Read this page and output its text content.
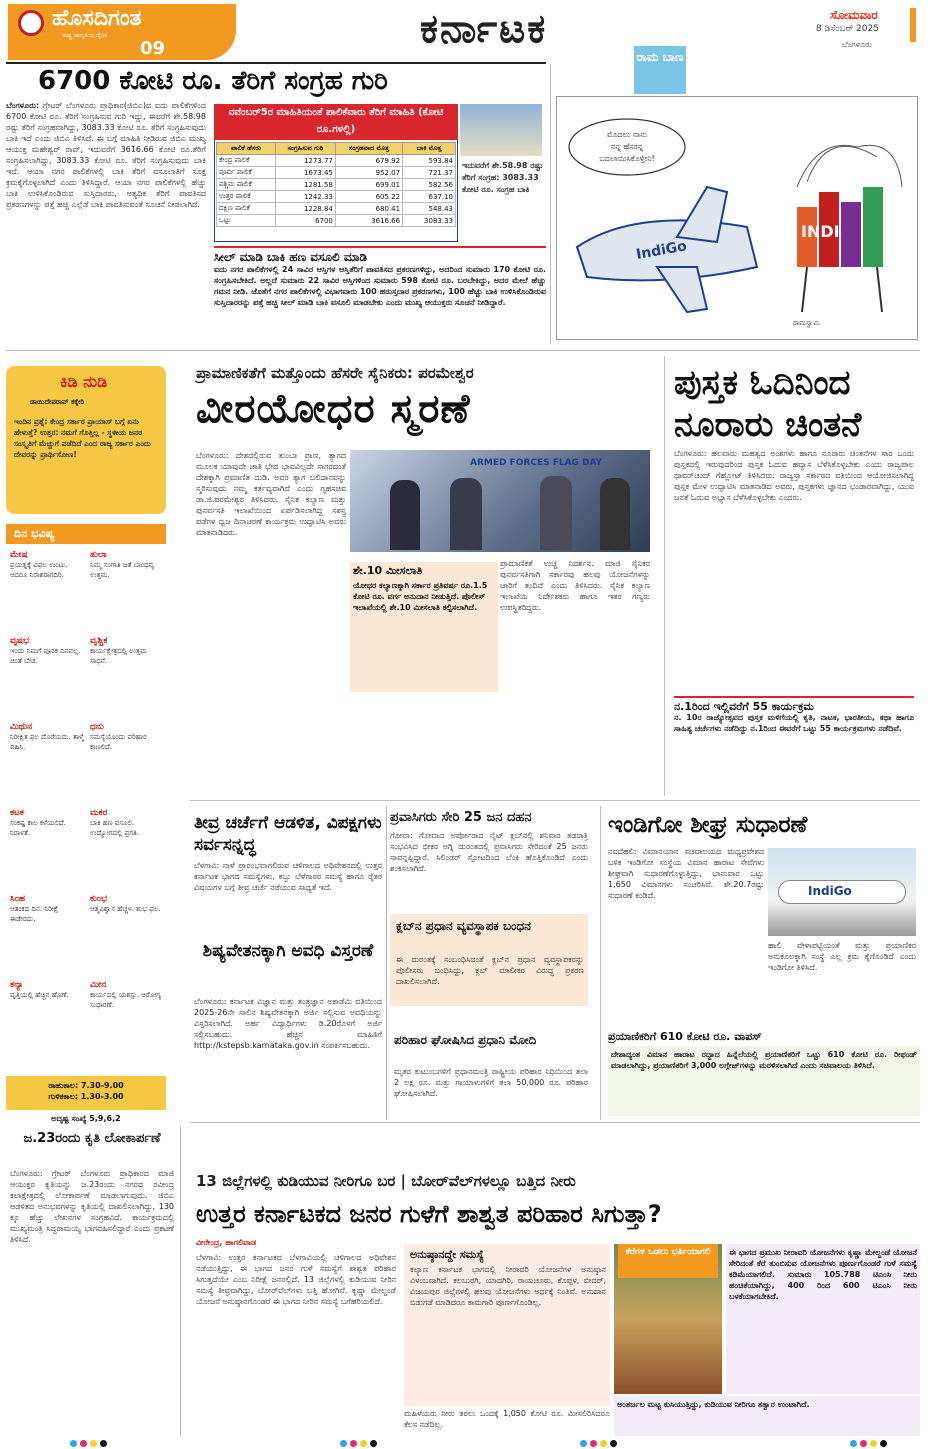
ಹೊಸದಿಗಂತ
ರಾಷ್ಟ್ರ ಜಾಗೃತಿಯ ದೈನಿಕ
09	ಕರ್ನಾಟಕ	ಸೋಮವಾರ
8 ಡಿಸೆಂಬರ್ 2025
ಬೆಂಗಳೂರು
6700 ಕೋಟಿ ರೂ. ತೆರಿಗೆ ಸಂಗ್ರಹ ಗುರಿ
ಬೆಂಗಳೂರು: ಗ್ರೇಟರ್ ಬೆಂಗಳೂರು ಪ್ರಾಧಿಕಾರ(ಜಿಬಿಎ)ದ ಐದು ಪಾಲಿಕೆಗಳಿಂದ 6700 ಕೋಟಿ ರೂ. ತೆರಿಗೆ ಸಂಗ್ರಹಿಸುವ ಗುರಿ ಇದ್ದು, ಈವರೆಗೆ ಶೇ.58.98 ರಷ್ಟು ತೆರಿಗೆ ಸಂಗ್ರಹವಾಗಿದ್ದು, 3083.33 ಕೋಟಿ ರೂ. ತೆರಿಗೆ ಸಂಗ್ರಹಿಸುವುದು ಬಾಕಿ ಇದೆ ಎಂದು ಜಿಬಿಎ ತಿಳಿಸಿದೆ. ಈ ಬಗ್ಗೆ ಮಾಹಿತಿ ನೀಡಿರುವ ಜಿಬಿಎ ಮುಖ್ಯ ಆಯುಕ್ತ ಮಹೇಶ್ವರ್ ರಾವ್, ಇದುವರೆಗೆ 3616.66 ಕೋಟಿ ರೂ.ತೆರಿಗೆ ಸಂಗ್ರಹಿಸಲಾಗಿದ್ದು, 3083.33 ಕೋಟಿ ರೂ. ತೆರಿಗೆ ಸಂಗ್ರಹಿಸುವುದು ಬಾಕಿ ಇದೆ. ಆಯಾ ನಗರ ಪಾಲಿಕೆಗಳಲ್ಲಿ ಬಾಕಿ ತೆರಿಗೆ ವಸೂಲಾತಿಗೆ ಸೂಕ್ತ ಕ್ರಮಕೈಗೊಳ್ಳಲಾಗಿದೆ ಎಂದು ತಿಳಿಸಿದ್ದಾರೆ. ಆಯಾ ನಗರ ಪಾಲಿಕೆಗಳಲ್ಲಿ ಹೆಚ್ಚು ಬಾಕಿ ಉಳಿಸಿಕೊಂಡಿರುವ ಸುಸ್ತಿದಾರರು, ಅತ್ಯಧಿಕ ತೆರಿಗೆ ಪಾವತಿಸದ ಪ್ರಕರಣಗಳನ್ನು ಪತ್ತೆ ಹಚ್ಚಿ ಎಲ್ಲೆಡೆ ಬಾಕಿ ಪಾವತಿಸುವಂತೆ ಸೂಚನೆ ನೀಡಲಾಗಿದೆ.
ನವೆಂಬರ್5ರ ಮಾಹಿತಿಯಂತೆ ಪಾಲಿಕೆವಾರು ತೆರಿಗೆ ಮಾಹಿತಿ (ಕೋಟಿ ರೂ.ಗಳಲ್ಲಿ)
ಪಾಲಿಕೆ ಹೆಸರು	ಸಂಗ್ರಹಿಸುವ ಗುರಿ	ಸಂಗ್ರಹವಾದ ಮೊತ್ತ	ಬಾಕಿ ಮೊತ್ತ
ಕೇಂದ್ರ ಪಾಲಿಕೆ	1273.77	679.92	593.84
ಪೂರ್ವ ಪಾಲಿಕೆ	1673.45	952.07	721.37
ಪಶ್ಚಿಮ ಪಾಲಿಕೆ	1281.58	699.01	582.56
ಉತ್ತರ ಪಾಲಿಕೆ	1242.33	605.22	637.10
ದಕ್ಷಿಣ ಪಾಲಿಕೆ	1228.84	680.41	548.43
ಒಟ್ಟು	6700	3616.66	3083.33
ಇದುವರೆಗೆ ಶೇ.58.98 ರಷ್ಟು ತೆರಿಗೆ ಸಂಗ್ರಹ: 3083.33 ಕೋಟಿ ರೂ. ಸಂಗ್ರಹ ಬಾಕಿ
ಸೀಲ್ ಮಾಡಿ ಬಾಕಿ ಹಣ ವಸೂಲಿ ಮಾಡಿ
ಐದು ನಗರ ಪಾಲಿಕೆಗಳಲ್ಲಿ 24 ಸಾವಿರ ಆಸ್ತಿಗಳ ಆಸ್ತಿತೆರಿಗೆ ಪಾವತಿಸದ ಪ್ರಕರಣಗಳಿದ್ದು, ಅದರಿಂದ ಸುಮಾರು 170 ಕೋಟಿ ರೂ. ಸಂಗ್ರಹಿಸಬೇಕಿದೆ. ಅಲ್ಲದೆ ಸುಮಾರು 22 ಸಾವಿರ ಆಸ್ತಿಗಳಿಂದ ಸುಮಾರು 598 ಕೋಟಿ ರೂ. ಬರಬೇಕಿದ್ದು, ಅದರ ಮೇಲೆ ಹೆಚ್ಚು ಗಮನ ನೀಡಿ. ಜೊತೆಗೆ ನಗರ ಪಾಲಿಕೆಗಳಲ್ಲಿ ವಿಭಾಗವಾರು 100 ಹರುಸ್ತದಾರ ಪ್ರಕರಣಗಳು, 100 ಹೆಚ್ಚು ಬಾಕಿ ಉಳಿಸಿಕೊಂಡಿರುವ ಸುಸ್ತಿದಾರರನ್ನು ಪತ್ತೆ ಹಚ್ಚಿ ಸೀಲ್ ಮಾಡಿ ಬಾಕಿ ವಸೂಲಿ ಮಾಡಬೇಕು ಎಂದು ಮುಖ್ಯ ಆಯುಕ್ತರು ಸೂಚನೆ ನೀಡಿದ್ದಾರೆ.
ರಾಮ ಬಾಣ
ಮೊದಲು ನಾನು
ನನ್ನ ಹೆಸರನ್ನ
ಬದಲಾಯಿಸಿಕೊಳ್ತೀನಿ!
IndiGo
INDI
ರಾಮಸ್ವಾಮಿ
ಕಿಡಿ ನುಡಿ
ಡಾಯಿದೇವರಾವ್ ಕಕ್ಕೇರಿ
ಇಂದಿನ ಪ್ರಶ್ನೆ: ಕೇಂದ್ರ ಸರ್ಕಾರ ಪ್ರಾಯಾಸ್ ಬಗ್ಗೆ ಏನು ಹೇಳುತ್ತೆ? ಉತ್ತರ: ನಮಗೆ ಗೊತ್ತಿಲ್ಲ - ಸ್ಥಳೀಯ ಜನರ ಸಂಸ್ಕೃತಿಗೆ ಮೆಚ್ಚುಗೆ ಪಡೆದಿದೆ ಎಂದ ರಾಜ್ಯ ಸರ್ಕಾರ ಎಂದು ದೇವರನ್ನು ಪ್ರಾರ್ಥಿಸೋಣ!
ದಿನ ಭವಿಷ್ಯ
ಮೇಷ
ಪ್ರಯತ್ನಕ್ಕೆ ವಿಫಲ ಉಂಟು. ಆದರೂ ನಿರಾಶರಾಗದಿರಿ.
ತುಲಾ
ನಿಮ್ಮ ಸಂಗಾತಿ ಜತೆ ಬಾಂಧವ್ಯ ಉತ್ತಮ.
ವೃಷಭ
ಇಂದು ನಿಮಗೆ ಪೂರಕ ದಿನವಲ್ಲ. ಚಿಂತೆ ಬೇಡ.
ವೃಶ್ಚಿಕ
ಕಾರ್ಯಕ್ಷೇತ್ರದಲ್ಲಿ ಉತ್ತಮ ಸಾಧನೆ.
ಮಿಥುನ
ನಿರೀಕ್ಷಿತ ಫಲ ದೊರೆಯದು. ತಾಳ್ಮೆ ವಹಿಸಿ.
ಧನು
ಸಮಸ್ಯೆಯೊಂದು ಪರಿಹಾರ ಕಾಣಲಿದೆ.
ಕಟಕ
ಸಂಕಷ್ಟ ಕಾಲ ಕಳೆಯಲಿದೆ. ನಿರಾಳತೆ.
ಮಕರ
ಬಾಕಿ ಹಣ ವಸೂಲಿ. ಉದ್ಯೋಗದಲ್ಲಿ ಪ್ರಗತಿ.
ಸಿಂಹ
ಆತಂಕದ ದಿನ. ನಿರೀಕ್ಷೆ ಈಡೇರದು.
ಕುಂಭ
ಆತ್ಮವಿಶ್ವಾಸ ಹೆಚ್ಚಳ. ಶುಭ ಫಲ.
ಕನ್ಯಾ
ವೃತ್ತಿಯಲ್ಲಿ ಹೆಚ್ಚಿನ ಹೊಣೆ.
ಮೀನ
ಕಾರ್ಯದಲ್ಲಿ ಯಶಸ್ಸು. ಆರೋಗ್ಯ ಸುಧಾರಣೆ.
ರಾಹುಕಾಲ: 7.30-9.00
ಗುಳಿಕಕಾಲ: 1.30-3.00
ಅದೃಷ್ಟ ಸಂಖ್ಯೆ 5,9,6,2
ಪ್ರಾಮಾಣಿಕತೆಗೆ ಮತ್ತೊಂದು ಹೆಸರೇ ಸೈನಿಕರು: ಪರಮೇಶ್ವರ
ವೀರಯೋಧರ ಸ್ಮರಣೆ
ಬೆಂಗಳೂರು: ದೇಶದಲ್ಲಿರುವ ತುಂಬಾ ಪ್ರಾಣ, ತ್ಯಾಗದ ಮೂಲಕ ಯಾವುದೇ ಜಾತಿ ಭೇದ ಭಾವವಿಲ್ಲದೇ ಸಾಗರದಂತೆ ದೇಶಕ್ಕಾಗಿ ಪ್ರಮಾಣಿತ ದುಡಿ. ಅವರ ತ್ಯಾಗ ಬಲಿದಾನವನ್ನು ಸ್ಮರಿಸುವುದು ನಮ್ಮ ಕರ್ತವ್ಯವಾಗಿದೆ ಎಂದು ಗೃಹಸಚಿವ ಡಾ.ಜಿ.ಪರಮೇಶ್ವರ ತಿಳಿಸಿದರು. ಸೈನಿಕ ಕಲ್ಯಾಣ ಮತ್ತು ಪುನರ್ವಸತಿ ಇಲಾಖೆಯಿಂದ ಏರ್ಪಡಿಸಲಾಗಿದ್ದ ಸಶಸ್ತ್ರ ಪಡೆಗಳ ಧ್ವಜ ದಿನಾಚರಣೆ ಕಾರ್ಯಕ್ರಮ ಉದ್ಘಾಟಿಸಿ ಅವರು ಮಾತನಾಡಿದರು.
ARMED FORCES FLAG DAY
ಶೇ.10 ಮೀಸಲಾತಿ
ಯೋಧರ ಕಲ್ಯಾಣಕ್ಕಾಗಿ ಸರ್ಕಾರ ಪ್ರತಿವರ್ಷ ರೂ.1.5 ಕೋಟಿ ರೂ. ವರ್ಗ ಅನುದಾನ ನೀಡುತ್ತಿದೆ. ಪೊಲೀಸ್ ಇಲಾಖೆಯಲ್ಲಿ ಶೇ.10 ಮೀಸಲಾತಿ ಕಲ್ಪಿಸಲಾಗಿದೆ.
ಪ್ರಾಮಾಣಿಕತೆ ಉಚ್ಚ ನಿದರ್ಶನ. ಮಾಜಿ ಸೈನಿಕರ ಪುನರ್ವಸತಿಗಾಗಿ ಸರ್ಕಾರವು ಹಲವು ಯೋಜನೆಗಳನ್ನು ಜಾರಿಗೆ ತಂದಿದೆ ಎಂದು ತಿಳಿಸಿದರು. ಸೈನಿಕ ಕಲ್ಯಾಣ ಇಲಾಖೆಯ ನಿರ್ದೇಶಕರು ಹಾಗೂ ಇತರ ಗಣ್ಯರು ಉಪಸ್ಥಿತರಿದ್ದರು.
ಪುಸ್ತಕ ಓದಿನಿಂದ ನೂರಾರು ಚಿಂತನೆ
ಬೆಂಗಳೂರು: ಹಲವಾರು ಮಹತ್ವದ ಅಂಶಗಳು ಹಾಗೂ ನೂರಾರು ಚಿಂತನೆಗಳ ಸಾರ ಒಂದು ಪುಸ್ತಕದಲ್ಲಿ ಇರುವುದರಿಂದ ಪುಸ್ತಕ ಓದುವ ಹವ್ಯಾಸ ಬೆಳೆಸಿಕೊಳ್ಳಬೇಕು ಎಂದು ರಾಜ್ಯಪಾಲ ಥಾವರ್‌ಚಂದ್ ಗೆಹ್ಲೋಟ್ ತಿಳಿಸಿದರು. ರಾಜ್ಯಸ್ತಾ ಸರ್ಕಾರದ ವತಿಯಿಂದ ಆಯೋಜಿಸಲಾಗಿದ್ದ ಪುಸ್ತಕ ಮೇಳ ಉದ್ಘಾಟಿಸಿ ಮಾತನಾಡಿದ ಅವರು, ಪುಸ್ತಕಗಳು ಜ್ಞಾನದ ಭಂಡಾರವಾಗಿದ್ದು, ಯುವ ಜನತೆ ಓದುವ ಅಭ್ಯಾಸ ಬೆಳೆಸಿಕೊಳ್ಳಬೇಕು ಎಂದರು.
ನ.1ರಿಂದ ಇಲ್ಲಿವರೆಗೆ 55 ಕಾರ್ಯಕ್ರಮ
ನ. 10ರ ರಾಜ್ಯೋತ್ಸವದ ಪುಸ್ತಕ ಮಳಿಗೆಯಲ್ಲಿ ಕೃತಿ, ನಾಟಕ, ಭಾರತೀಯ, ಕಥಾ ಹಾಗೂ ಸಾಹಿತ್ಯ ಚರ್ಚೆಗಳು ನಡೆದಿದ್ದು ನ.1ರಿಂದ ಈವರೆಗೆ ಒಟ್ಟು 55 ಕಾರ್ಯಕ್ರಮಗಳು ನಡೆದಿವೆ.
ತೀವ್ರ ಚರ್ಚೆಗೆ ಆಡಳಿತ, ವಿಪಕ್ಷಗಳು ಸರ್ವಸನ್ನದ್ಧ
ಬೆಳಗಾವಿ: ನಾಳೆ ಪ್ರಾರಂಭವಾಗಲಿರುವ ಚಳಿಗಾಲದ ಅಧಿವೇಶನದಲ್ಲಿ ಉತ್ತರ ಕರ್ನಾಟಕ ಭಾಗದ ಸಮಸ್ಯೆಗಳು, ಕಬ್ಬು ಬೆಳೆಗಾರರ ಸಮಸ್ಯೆ ಹಾಗೂ ರೈತರ ವಿಷಯಗಳ ಬಗ್ಗೆ ತೀವ್ರ ಚರ್ಚೆ ನಡೆಯುವ ಸಾಧ್ಯತೆ ಇದೆ.
ಶಿಷ್ಯವೇತನಕ್ಕಾಗಿ ಅವಧಿ ವಿಸ್ತರಣೆ
ಬೆಂಗಳೂರು: ಕರ್ನಾಟಕ ವಿಜ್ಞಾನ ಮತ್ತು ತಂತ್ರಜ್ಞಾನ ಅಕಾಡೆಮಿ ವತಿಯಿಂದ 2025-26ನೇ ಸಾಲಿನ ಶಿಷ್ಯವೇತನಕ್ಕಾಗಿ ಅರ್ಜಿ ಸಲ್ಲಿಸುವ ಅವಧಿಯನ್ನು ವಿಸ್ತರಿಸಲಾಗಿದೆ. ಅರ್ಹ ವಿದ್ಯಾರ್ಥಿಗಳು ಡಿ.20ರೊಳಗೆ ಅರ್ಜಿ ಸಲ್ಲಿಸಬಹುದು. ಹೆಚ್ಚಿನ ಮಾಹಿತಿಗೆ http://kstepsb.karnataka.gov.in ಸಂಪರ್ಕಿಸಬಹುದು.
ಪ್ರವಾಸಿಗರು ಸೇರಿ 25 ಜನ ದಹನ
ಗೋವಾ: ಗೋವಾದ ಅರ್ಪೋರಾದ ನೈಟ್ ಕ್ಲಬ್‌ನಲ್ಲಿ ಶನಿವಾರ ತಡರಾತ್ರಿ ಸಂಭವಿಸಿದ ಭೀಕರ ಅಗ್ನಿ ದುರಂತದಲ್ಲಿ ಪ್ರವಾಸಿಗರು ಸೇರಿದಂತೆ 25 ಜನರು ಸಾವನ್ನಪ್ಪಿದ್ದಾರೆ. ಸಿಲಿಂಡರ್ ಸ್ಫೋಟದಿಂದ ಬೆಂಕಿ ಹೊತ್ತಿಕೊಂಡಿದೆ ಎಂದು ಶಂಕಿಸಲಾಗಿದೆ.
ಕ್ಲಬ್‌ನ ಪ್ರಧಾನ ವ್ಯವಸ್ಥಾಪಕ ಬಂಧನ
ಈ ದುರಂತಕ್ಕೆ ಸಂಬಂಧಿಸಿದಂತೆ ಕ್ಲಬ್‌ನ ಪ್ರಧಾನ ವ್ಯವಸ್ಥಾಪಕರನ್ನು ಪೊಲೀಸರು ಬಂಧಿಸಿದ್ದು, ಕ್ಲಬ್ ಮಾಲೀಕರ ವಿರುದ್ಧ ಪ್ರಕರಣ ದಾಖಲಿಸಲಾಗಿದೆ.
ಪರಿಹಾರ ಘೋಷಿಸಿದ ಪ್ರಧಾನಿ ಮೋದಿ
ಮೃತರ ಕುಟುಂಬಗಳಿಗೆ ಪ್ರಧಾನಮಂತ್ರಿ ರಾಷ್ಟ್ರೀಯ ಪರಿಹಾರ ನಿಧಿಯಿಂದ ತಲಾ 2 ಲಕ್ಷ ರೂ. ಮತ್ತು ಗಾಯಾಳುಗಳಿಗೆ ತಲಾ 50,000 ರೂ. ಪರಿಹಾರ ಘೋಷಿಸಲಾಗಿದೆ.
ಇಂಡಿಗೋ ಶೀಘ್ರ ಸುಧಾರಣೆ
ನವದೆಹಲಿ: ವಿಮಾನಯಾನ ಸಚಿವಾಲಯದ ಮಧ್ಯಪ್ರವೇಶದ ಬಳಿಕ ಇಂಡಿಗೋ ಸಂಸ್ಥೆಯ ವಿಮಾನ ಹಾರಾಟ ಸೇವೆಗಳು ಶೀಘ್ರವಾಗಿ ಸುಧಾರಣೆಗೊಳ್ಳುತ್ತಿದ್ದು, ಭಾನುವಾರ ಒಟ್ಟು 1,650 ವಿಮಾನಗಳು ಸಂಚರಿಸಿವೆ. ಶೇ.20.7ರಷ್ಟು ಸುಧಾರಣೆ ಕಂಡಿದೆ.	IndiGo
ಹಾಲಿ ವೇಳಾಪಟ್ಟಿಯಂತೆ ಮತ್ತು ಪ್ರಯಾಣಿಕರ ಅನುಕೂಲಕ್ಕಾಗಿ ಸಂಸ್ಥೆ ಎಲ್ಲ ಕ್ರಮ ಕೈಗೊಂಡಿದೆ ಎಂದು ಇಂಡಿಗೋ ತಿಳಿಸಿದೆ.
ಪ್ರಯಾಣಿಕರಿಗೆ 610 ಕೋಟಿ ರೂ. ವಾಪಸ್
ದೇಶಾದ್ಯಂತ ವಿಮಾನ ಹಾರಾಟ ರದ್ದಾದ ಹಿನ್ನೆಲೆಯಲ್ಲಿ ಪ್ರಯಾಣಿಕರಿಗೆ ಒಟ್ಟು 610 ಕೋಟಿ ರೂ. ರೀಫಂಡ್ ಮಾಡಲಾಗಿದ್ದು, ಪ್ರಯಾಣಿಕರಿಗೆ 3,000 ಲಗ್ಗೇಜ್‌ಗಳನ್ನು ಮರಳಿಸಲಾಗಿದೆ ಎಂದು ಸಚಿವಾಲಯ ತಿಳಿಸಿದೆ.
ಜ.23ರಂದು ಕೃತಿ ಲೋಕಾರ್ಪಣೆ
ಬೆಂಗಳೂರು: ಗ್ರೇಟರ್ ಬೆಂಗಳೂರು ಪ್ರಾಧಿಕಾರದ ಮಾಜಿ ಆಯುಕ್ತರ ಕೃತಿಯನ್ನು ಜ.23ರಂದು ನಗರದ ರವೀಂದ್ರ ಕಲಾಕ್ಷೇತ್ರದಲ್ಲಿ ಲೋಕಾರ್ಪಣೆ ಮಾಡಲಾಗುವುದು. ಜಿಬಿಎ ಆಡಳಿತದ ಅನುಭವಗಳನ್ನು ಕೃತಿಯಲ್ಲಿ ದಾಖಲಿಸಲಾಗಿದ್ದು, 130 ಕ್ಕೂ ಹೆಚ್ಚು ಲೇಖನಗಳ ಸಂಗ್ರಹವಿದೆ. ಕಾರ್ಯಕ್ರಮದಲ್ಲಿ ಮುಖ್ಯಮಂತ್ರಿ ಸಿದ್ದರಾಮಯ್ಯ ಭಾಗವಹಿಸಲಿದ್ದಾರೆ ಎಂದು ಪ್ರಕಟಣೆ ತಿಳಿಸಿದೆ.
13 ಜಿಲ್ಲೆಗಳಲ್ಲಿ ಕುಡಿಯುವ ನೀರಿಗೂ ಬರ | ಬೋರ್‌ವೆಲ್‌ಗಳಲ್ಲೂ ಬತ್ತಿದ ನೀರು
ಉತ್ತರ ಕರ್ನಾಟಕದ ಜನರ ಗುಳೆಗೆ ಶಾಶ್ವತ ಪರಿಹಾರ ಸಿಗುತ್ತಾ?
ವೀರೇಂದ್ರ, ಹಾಗಲಿವಾಡ
ಬೆಳಗಾವಿ: ಉತ್ತರ ಕರ್ನಾಟಕದ ಬೆಳಗಾವಿಯಲ್ಲಿ ಚಳಿಗಾಲದ ಅಧಿವೇಶನ ನಡೆಯುತ್ತಿದ್ದು, ಈ ಭಾಗದ ಜನರ ಗುಳೆ ಸಮಸ್ಯೆಗೆ ಶಾಶ್ವತ ಪರಿಹಾರ ಸಿಗುತ್ತದೆಯೇ ಎಂಬ ನಿರೀಕ್ಷೆ ಜನರಲ್ಲಿದೆ. 13 ಜಿಲ್ಲೆಗಳಲ್ಲಿ ಕುಡಿಯುವ ನೀರಿನ ಸಮಸ್ಯೆ ತೀವ್ರವಾಗಿದ್ದು, ಬೋರ್‌ವೆಲ್‌ಗಳು ಬತ್ತಿ ಹೋಗಿವೆ. ಕೃಷ್ಣಾ ಮೇಲ್ದಂಡೆ ಯೋಜನೆ ಅನುಷ್ಠಾನಗೊಂಡರೆ ಈ ಭಾಗದ ನೀರಿನ ಸಮಸ್ಯೆ ಬಗೆಹರಿಯಲಿದೆ.
ಅನುಷ್ಠಾನದ್ದೇ ಸಮಸ್ಯೆ
ಕಲ್ಯಾಣ ಕರ್ನಾಟಕ ಭಾಗದಲ್ಲಿ ನೀರಾವರಿ ಯೋಜನೆಗಳ ಅನುಷ್ಠಾನ ವಿಳಂಬವಾಗಿದೆ. ಕಲಬುರಗಿ, ಯಾದಗಿರಿ, ರಾಯಚೂರು, ಕೊಪ್ಪಳ, ಬೀದರ್, ವಿಜಯಪುರ ಜಿಲ್ಲೆಗಳಲ್ಲಿ ಹಲವು ಯೋಜನೆಗಳು ಅರ್ಧಕ್ಕೆ ನಿಂತಿವೆ. ಅನುದಾನ ಬಿಡುಗಡೆ ಮಾಡಿದರೂ ಕಾಮಗಾರಿ ಪೂರ್ಣಗೊಂಡಿಲ್ಲ.
ಮಹಿಳೆಯರು ನೀರು ತರಲು ಒಂದಕ್ಕೆ 1,050 ಕೋಟಿ ರೂ. ಮೀಸಲಿರಿಸಿದರೂ ಕೆಲಸ ನಡೆದಿಲ್ಲ.
ಕೆರೆಗಳ ಒಡಲು ಭರ್ತಿಯಾಗಲಿ	ಈ ಭಾಗದ ಪ್ರಮುಖ ನೀರಾವರಿ ಯೋಜನೆಗಳು ಕೃಷ್ಣಾ ಮೇಲ್ದಂಡೆ ಯೋಜನೆ ಸೇರಿದಂತೆ ಕೆರೆ ತುಂಬಿಸುವ ಯೋಜನೆಗಳು ಪೂರ್ಣಗೊಂಡರೆ ಗುಳೆ ಸಮಸ್ಯೆ ಕಡಿಮೆಯಾಗಲಿದೆ. ಸುಮಾರು 105.788 ಟಿಎಂಸಿ ನೀರು ಹಂಚಿಕೆಯಾಗಿದ್ದು, 400 ರಿಂದ 600 ಟಿಎಂಸಿ ನೀರು ಬಳಕೆಯಾಗಬೇಕಿದೆ.
ಅಂತರ್ಜಲ ಮಟ್ಟ ಕುಸಿಯುತ್ತಿದ್ದು, ಕುಡಿಯುವ ನೀರಿಗೂ ತತ್ವಾರ ಉಂಟಾಗಿದೆ.
